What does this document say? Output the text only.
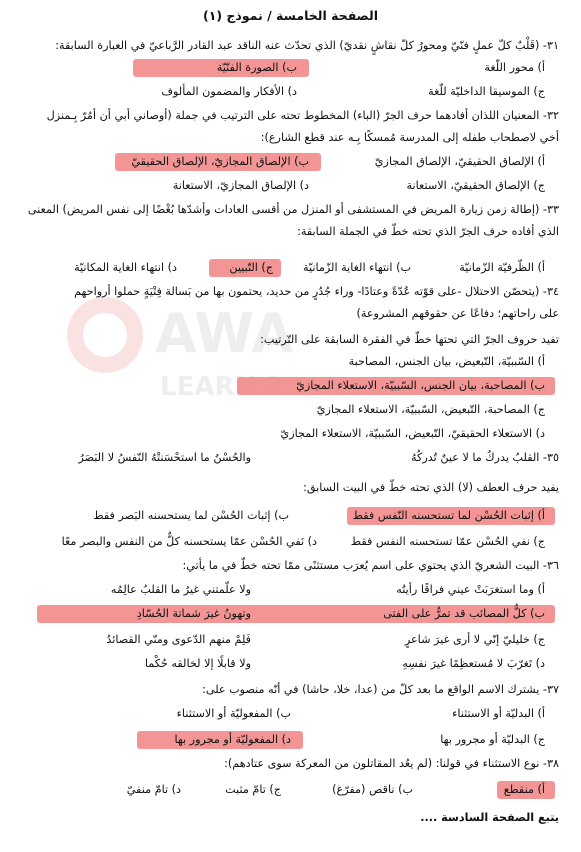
AWA
LEARN 2
الصفحة الخامسة / نموذج (١)
٣١- (قَلْبٌ كلّ عملٍ فنّيّ ومحورُ كلّ نقاشٍ نقديّ) الذي تحدّث عنه الناقد عبد القادر الرَّباعيّ في العبارة السابقة:
أ) محور اللّغة
ب) الصورة الفنّيّة
ج) الموسيقا الداخليّة للّغة
د) الأفكار والمضمون المألوف
٣٢- المعنيان اللذان أفادهما حرف الجرّ (الباء) المخطوط تحته على الترتيب في جملة (أوصاني أبي أن أمُرّ بِـمنزل
أخي لاصطحاب طفله إلى المدرسة مُمسكًا بِـه عند قطع الشارع):
أ) الإلصاق الحقيقيّ، الإلصاق المجازيّ
ب) الإلصاق المجازيّ، الإلصاق الحقيقيّ
ج) الإلصاق الحقيقيّ، الاستعانة
د) الإلصاق المجازيّ، الاستعانة
٣٣- (إطالة زمن زيارة المريض في المستشفى أو المنزل من أقسى العادات وأشدّها بُغْضًا إلى نفس المريض) المعنى
الذي أفاده حرف الجرّ الذي تحته خطّ في الجملة السابقة:
أ) الظّرفيّة الزّمانيّة
ب) انتهاء الغاية الزّمانيّة
ج) التّبيين
د) انتهاء الغاية المكانيّة
٣٤- (يتحصّن الاحتلال -على قوّته عُدّةً وعتادًا- وراء جُدُرٍ من حديد، يحتمون بها من بَسالة فِتْيَةٍ حملوا أرواحهم
على راحاتهم؛ دفاعًا عن حقوقهم المشروعة)
تفيد حروف الجرّ التي تحتها خطّ في الفقرة السابقة على التّرتيب:
أ) السّببيّة، التّبعيض، بيان الجنس، المصاحبة
ب) المصاحبة، بيان الجنس، السّببيّة، الاستعلاء المجازيّ
ج) المصاحبة، التّبعيض، السّببيّة، الاستعلاء المجازيّ
د) الاستعلاء الحقيقيّ، التّبعيض، السّببيّة، الاستعلاء المجازيّ
٣٥- القلبُ يدركُ ما لا عينٌ تُدركُهُ
والحُسْنُ ما استحْسَنتْهُ النّفسُ لا البَصَرُ
يفيد حرف العطف (لا) الذي تحته خطّ في البيت السابق:
أ) إثبات الحُسْن لما تستحسنه النّفس فقط
ب) إثبات الحُسْن لما يستحسنه البَصر فقط
ج) نفي الحُسْن عمّا تستحسنه النفس فقط
د) نَفي الحُسْن عمّا يستحسنه كلٌّ من النفس والبصر معًا
٣٦- البيت الشعريّ الذي يحتوي على اسم يُعرَب مستثنًى ممّا تحته خطّ في ما يأتي:
أ) وما استغرَبَتْ عيني فراقًا رأيتُه
ولا علّمتني غيرُ ما القلبُ عالِمُه
ب) كلُّ المصائب قد تمرُّ على الفتى
وتهونُ غيرَ شماتة الحُسّادِ
ج) خليليّ إنّي لا أرى غيرَ شاعرٍ
فَلِمْ منهم الدّعوى ومنّي القصائدُ
د) تَغرّبَ لا مُستعظِمًا غيرَ نفسِهِ
ولا قابلًا إلا لخالقه حُكْما
٣٧- يشترك الاسم الواقع ما بعد كلّ من (عدا، خلا، حاشا) في أنّه منصوب على:
أ) البدليّة أو الاستثناء
ب) المفعوليّة أو الاستثناء
ج) البدليّة أو مجرور بها
د) المفعوليّة أو مجرور بها
٣٨- نوع الاستثناء في قولنا: (لم يعُد المقاتلون من المعركة سوى عتادهم):
أ) منقطع
ب) ناقص (مفرّغ)
ج) تامّ مثبت
د) تامّ منفيّ
يتبع الصفحة السادسة ....
